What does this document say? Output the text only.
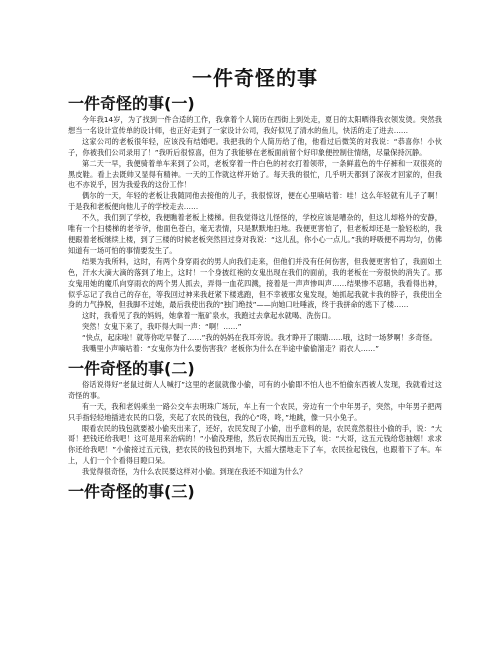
一件奇怪的事
一件奇怪的事(一)

今年我14岁，为了找到一件合适的工作，我拿着个人简历在西街上到处走，夏日的太阳晒得我衣领发烫。突然我想当一名设计宣传单的设计师，也正好走到了一家设计公司，我好似见了清水的鱼儿，快活的走了进去……

这家公司的老板很年轻，应该没有结婚吧。我把我的个人简历给了他，他看过后微笑的对我说：“恭喜你！小伙子，你被我们公司录用了！”我听后很惊喜，但为了我能够在老板面前留个好印象便控制住情绪，尽量保持沉静。

第二天一早，我便骑着单车来到了公司，老板穿着一件白色的衬衣打着领带，一条鲜蓝色的牛仔裤和一双很亮的黑皮鞋。看上去既帅又显得有精神。一天的工作就这样开始了。每天我的很忙，几乎明天都到了深夜才回家的，但我也不亦说乎，因为我爱我的这份工作！

偶尔的一天，年轻的老板让我随同他去接他的儿子，我很惊讶，便在心里嘀咕着：哇！这么年轻就有儿子了啊！于是我和老板便向他儿子的学校走去……

不久，我们到了学校，我便瞧着老板上楼梯。但我觉得这儿怪怪的，学校应该是嘈杂的，但这儿却格外的安静，唯有一个扫楼梯的老爷爷，他面色苍白，毫无表情，只是默默地扫地。我便更害怕了，但老板却还是一脸轻松的，我便跟着老板继续上楼，到了三楼的时候老板突然回过身对我说：“这儿乱，你小心一点儿。”我的呼吸便不再均匀，仿佛知道有一场可怕的事情要发生了。

结果为我所料，这时，有两个身穿雨衣的男人向我们走来，但他们并没有任何伤害，但我便更害怕了，我面如土色，汗水大滴大滴的落到了地上，这时！一个身披红袍的女鬼出现在我们的面前，我的老板在一旁很快的消失了。那女鬼用她的魔爪向穿雨衣的两个男人抓去，弄得一血花四溅，接着是一声声惨叫声……结果惨不忍睹，我看得出神，似乎忘记了我自己的存在，等我回过神来我赶紧下楼逃跑，但不幸被那女鬼发现，她抓起我就卡我的脖子，我使出全身的力气挣脱，但我脚不过她，最后我使出我的“独门绝技”——向她口吐唾液，终于我拼命的逃下了楼……

这时，我看见了我的妈妈，她拿着一瓶矿泉水，我跑过去拿起水就喝、洗伤口。

突然！女鬼下来了，我吓得大叫一声：“啊！……”

“快点，起床啦！就等你吃早餐了……”我的妈妈在我耳旁说。我才睁开了眼睛……哦，这时一场梦啊！多奇怪。

我嘴里小声嘀咕着：“女鬼你为什么要伤害我？老板你为什么在半途中偷偷溜走？雨衣人……”

一件奇怪的事(二)

俗话说得好“老鼠过街人人喊打”这里的老鼠就像小偷，可有的小偷即不怕人也不怕偷东西被人发现，我就看过这奇怪的事。

有一天，我和老妈乘坐一路公交车去明珠广场玩，车上有一个农民，旁边有一个中年男子，突然，中年男子把两只手指轻轻地插进农民的口袋，夹起了农民的钱包，我的心“咚，咚，”地跳，像一只小兔子。

眼看农民的钱包就要被小偷夹出来了，还好，农民发现了小偷，出乎意料的是，农民竟然很往小偷的手，说：“大哥！把钱还给我吧！这可是用来治病的！”小偷没理他，然后农民掏出五元钱，说：“大哥，这五元钱给您抽烟！求求你还给我吧！”小偷接过五元钱，把农民的钱包扔到地下，大摇大摆地走下了车，农民捡起钱包，也跟着下了车。车上，人们一个个看得目瞪口呆。

我觉得很奇怪，为什么农民要这样对小偷。到现在我还不知道为什么？

一件奇怪的事(三)
